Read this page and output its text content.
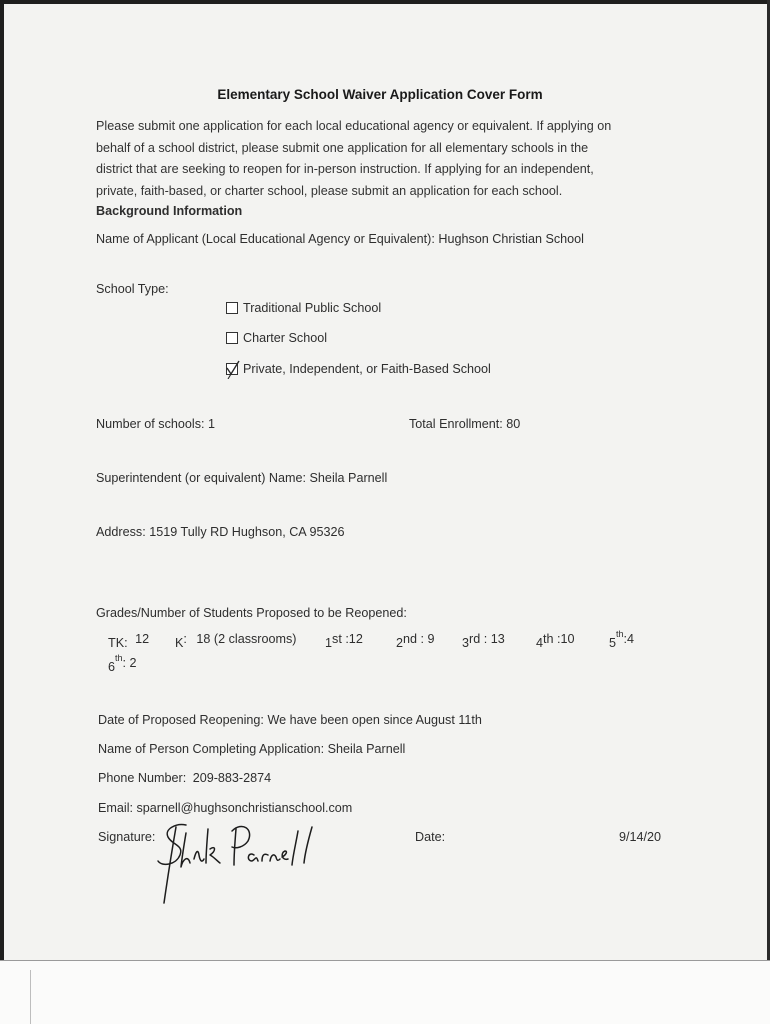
Elementary School Waiver Application Cover Form
Please submit one application for each local educational agency or equivalent. If applying on
behalf of a school district, please submit one application for all elementary schools in the
district that are seeking to reopen for in-person instruction. If applying for an independent,
private, faith-based, or charter school, please submit an application for each school.
Background Information
Name of Applicant (Local Educational Agency or Equivalent): Hughson Christian School
School Type:
Traditional Public School
Charter School
Private, Independent, or Faith-Based School
Number of schools: 1	Total Enrollment: 80
Superintendent (or equivalent) Name: Sheila Parnell
Address: 1519 Tully RD Hughson, CA 95326
Grades/Number of Students Proposed to be Reopened:
TK: 12 K: 18 (2 classrooms) 1st :12	2nd : 9 3rd : 13 4th :10	5th:4
6th: 2
Date of Proposed Reopening: We have been open since August 11th
Name of Person Completing Application: Sheila Parnell
Phone Number: 209-883-2874
Email: sparnell@hughsonchristianschool.com
Signature:	Date:	9/14/20
